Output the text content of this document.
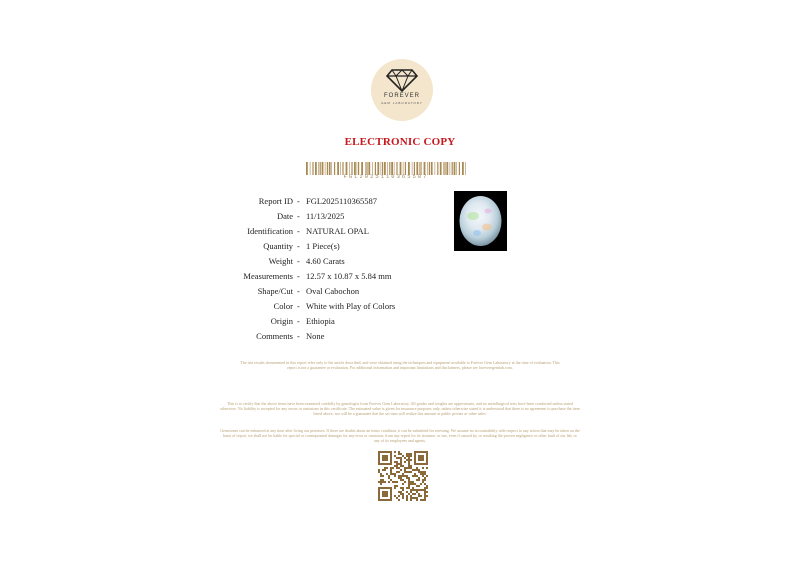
FOREVER
GEM LABORATORY
ELECTRONIC COPY
FGL2025110365587
Report ID - FGL2025110365587
Date - 11/13/2025
Identification - NATURAL OPAL
Quantity - 1 Piece(s)
Weight - 4.60 Carats
Measurements - 12.57 x 10.87 x 5.84 mm
Shape/Cut - Oval Cabochon
Color - White with Play of Colors
Origin - Ethiopia
Comments - None
The test results documented in this report refer only to the article described, and were obtained using the techniques and equipment available to Forever Gem Laboratory at the time of evaluation. This report is not a guarantee or evaluation. For additional information and important limitations and disclaimers, please see foreveregemlab.com.
This is to certify that the above items have been examined carefully by gemologist from Forever Gem Laboratory. All grades and weights are approximate, and no metallurgical tests have been conducted unless stated otherwise. No liability is accepted for any errors or omissions in this certificate. The estimated value is given for insurance purposes only, unless otherwise stated it is understood that there is no agreement to purchase the item listed above, nor will be a guarantee that the set item will realize this amount at public private or other sales.
Gemstones can be enhanced at any time after living our premises. If there are doubts about an items condition, it can be submitted for retesting. We assume no accountability with respect to any action that may be taken on the basis of report, we shall not be liable for special or consequential damages for any error or omission, from any report for its issuance, or use, even if caused by, or resulting the proven negligence or other fault of our lab, or any of its employees and agents.
